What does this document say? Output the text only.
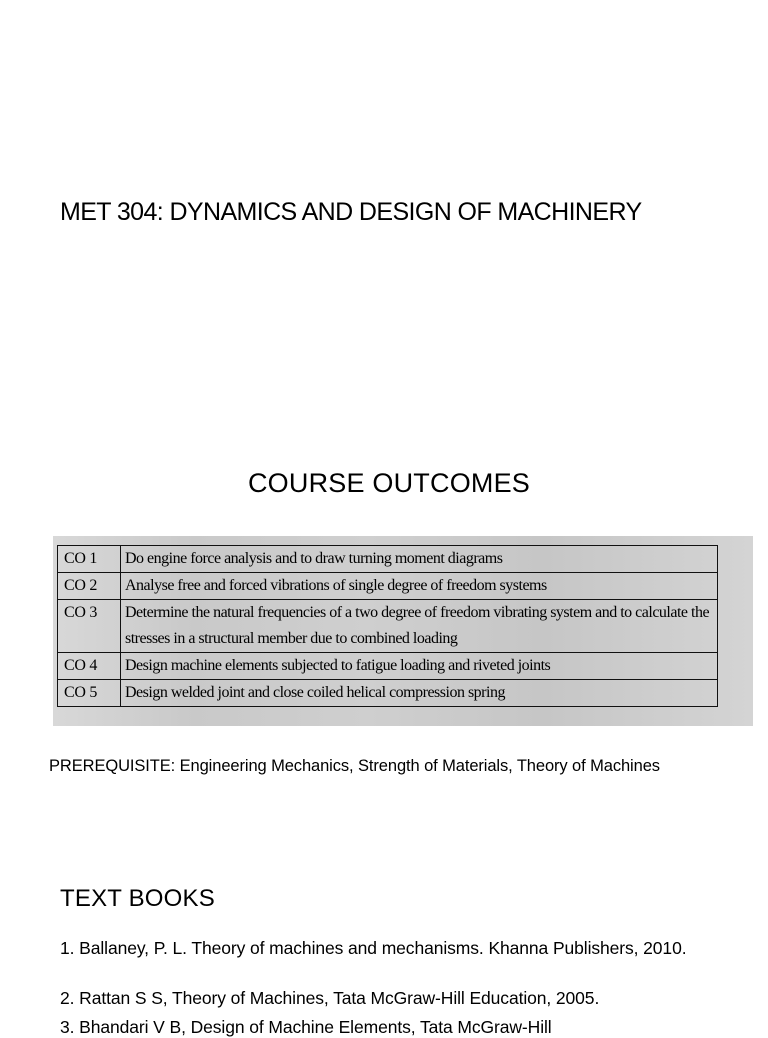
MET 304: DYNAMICS AND DESIGN OF MACHINERY
COURSE OUTCOMES
CO 1	Do engine force analysis and to draw turning moment diagrams
CO 2	Analyse free and forced vibrations of single degree of freedom systems
CO 3	Determine the natural frequencies of a two degree of freedom vibrating system and to calculate the stresses in a structural member due to combined loading
CO 4	Design machine elements subjected to fatigue loading and riveted joints
CO 5	Design welded joint and close coiled helical compression spring
PREREQUISITE: Engineering Mechanics, Strength of Materials, Theory of Machines
TEXT BOOKS
1. Ballaney, P. L. Theory of machines and mechanisms. Khanna Publishers, 2010.
2. Rattan S S, Theory of Machines, Tata McGraw-Hill Education, 2005.
3. Bhandari V B, Design of Machine Elements, Tata McGraw-Hill
